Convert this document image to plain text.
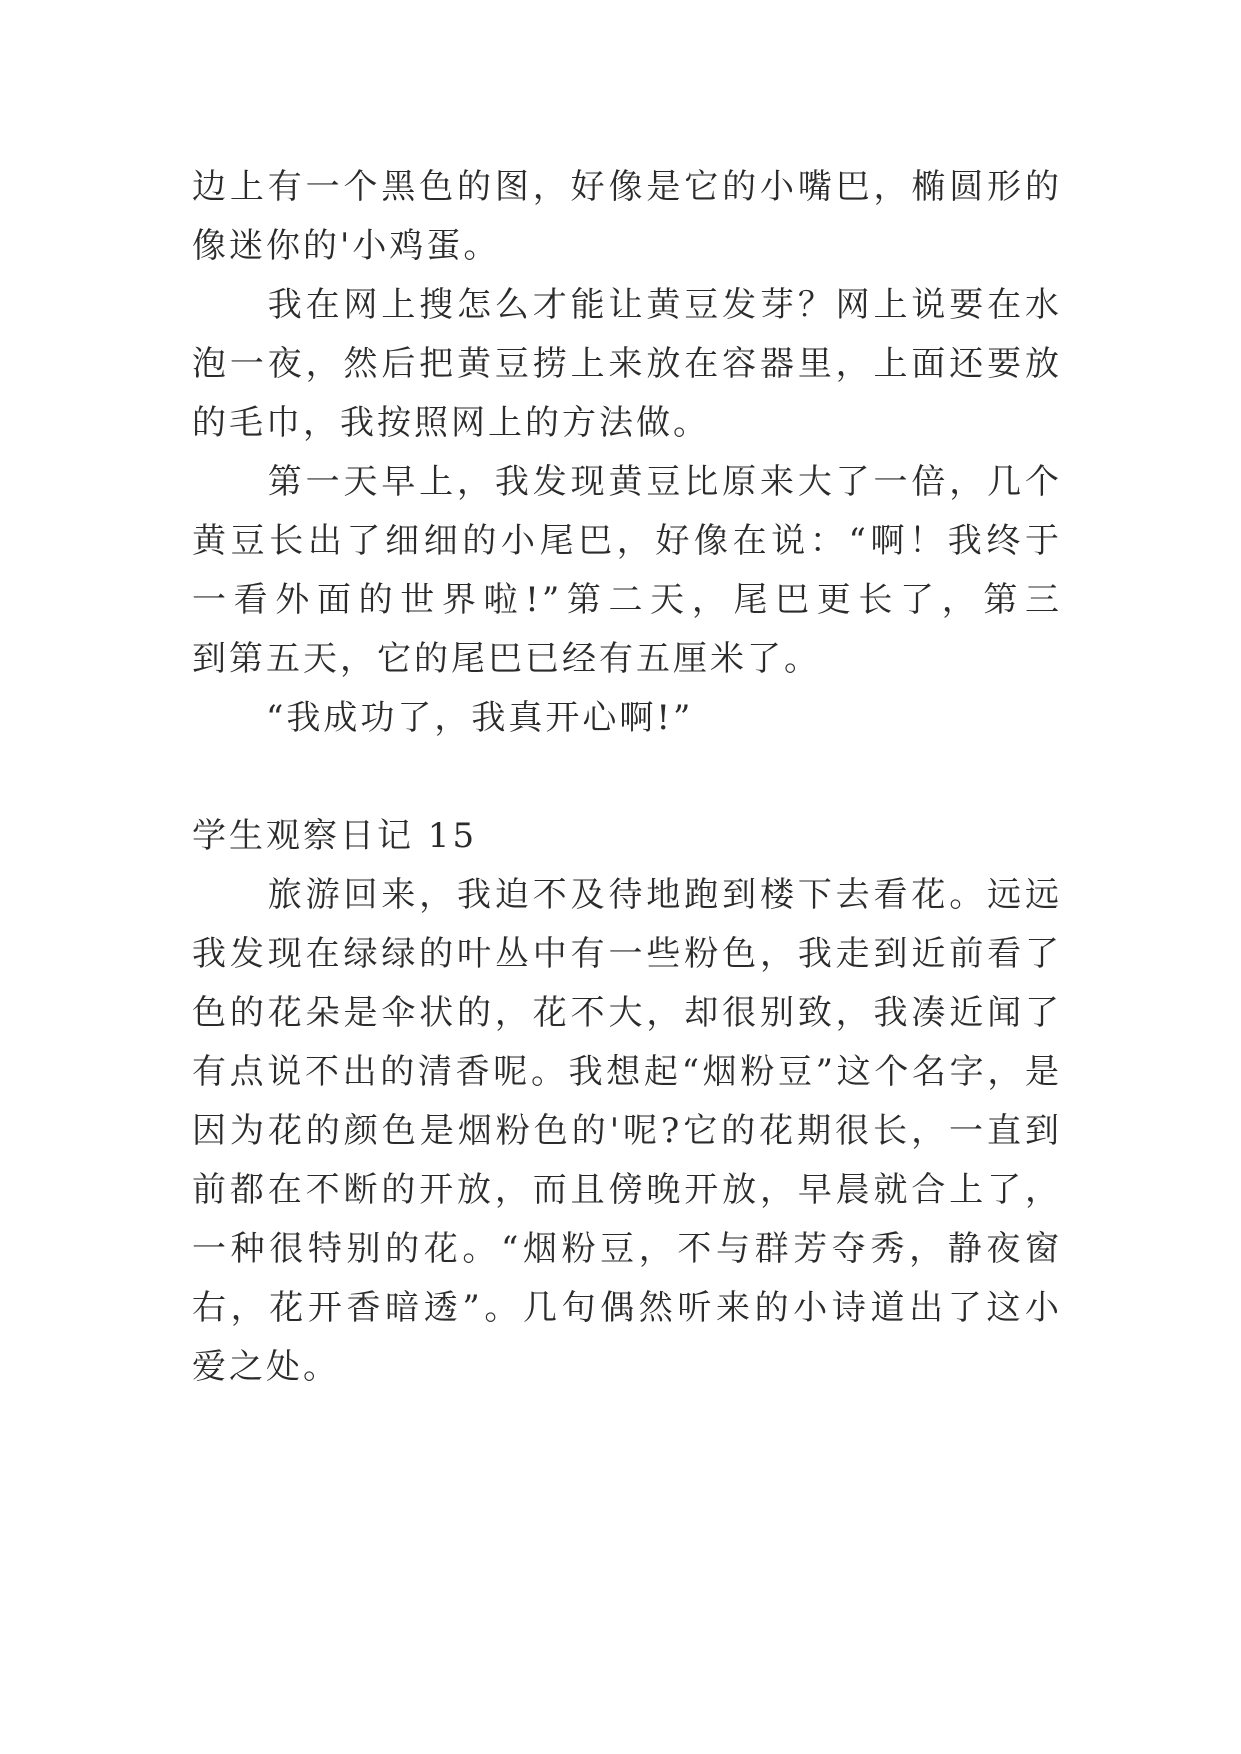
边上有一个黑色的图，好像是它的小嘴巴，椭圆形的
像迷你的'小鸡蛋。
　　我在网上搜怎么才能让黄豆发芽？网上说要在水
泡一夜，然后把黄豆捞上来放在容器里，上面还要放
的毛巾，我按照网上的方法做。
　　第一天早上，我发现黄豆比原来大了一倍，几个
黄豆长出了细细的小尾巴，好像在说：“啊！我终于
一看外面的世界啦!”第二天，尾巴更长了，第三
到第五天，它的尾巴已经有五厘米了。
　　“我成功了，我真开心啊!”
学生观察日记 15
　　旅游回来，我迫不及待地跑到楼下去看花。远远
我发现在绿绿的叶丛中有一些粉色，我走到近前看了
色的花朵是伞状的，花不大，却很别致，我凑近闻了
有点说不出的清香呢。我想起“烟粉豆”这个名字，是
因为花的颜色是烟粉色的'呢?它的花期很长，一直到
前都在不断的开放，而且傍晚开放，早晨就合上了，
一种很特别的花。“烟粉豆，不与群芳夺秀，静夜窗
右，花开香暗透”。几句偶然听来的小诗道出了这小
爱之处。
